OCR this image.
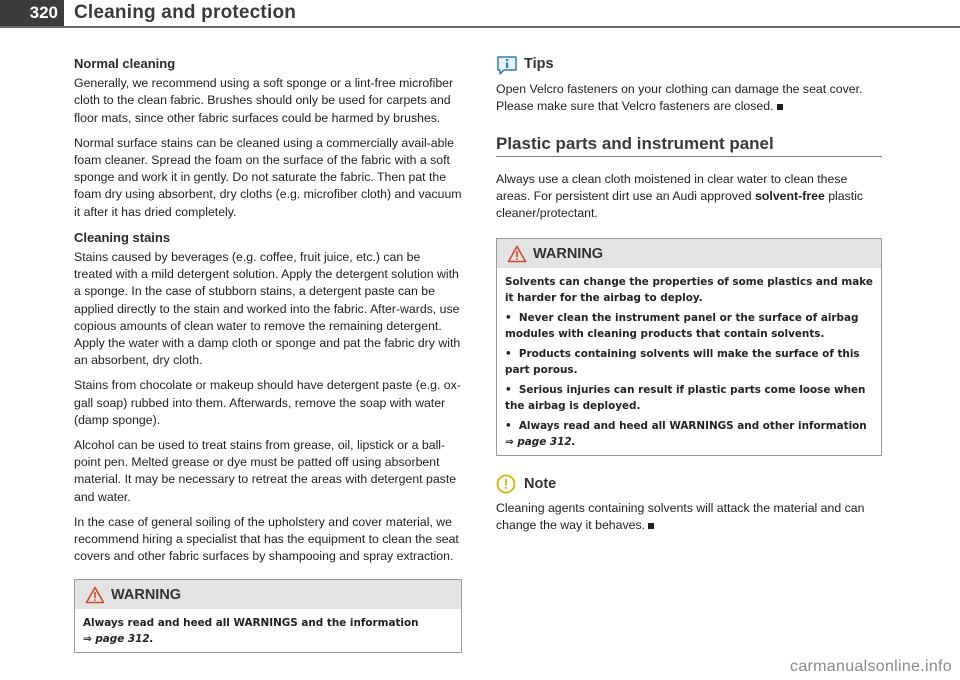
320 Cleaning and protection
Normal cleaning

Generally, we recommend using a soft sponge or a lint-free microfiber cloth to the clean fabric. Brushes should only be used for carpets and floor mats, since other fabric surfaces could be harmed by brushes.

Normal surface stains can be cleaned using a commercially avail-able foam cleaner. Spread the foam on the surface of the fabric with a soft sponge and work it in gently. Do not saturate the fabric. Then pat the foam dry using absorbent, dry cloths (e.g. microfiber cloth) and vacuum it after it has dried completely.

Cleaning stains

Stains caused by beverages (e.g. coffee, fruit juice, etc.) can be treated with a mild detergent solution. Apply the detergent solution with a sponge. In the case of stubborn stains, a detergent paste can be applied directly to the stain and worked into the fabric. After-wards, use copious amounts of clean water to remove the remaining detergent. Apply the water with a damp cloth or sponge and pat the fabric dry with an absorbent, dry cloth.

Stains from chocolate or makeup should have detergent paste (e.g. ox-gall soap) rubbed into them. Afterwards, remove the soap with water (damp sponge).

Alcohol can be used to treat stains from grease, oil, lipstick or a ball-point pen. Melted grease or dye must be patted off using absorbent material. It may be necessary to retreat the areas with detergent paste and water.

In the case of general soiling of the upholstery and cover material, we recommend hiring a specialist that has the equipment to clean the seat covers and other fabric surfaces by shampooing and spray extraction.

WARNING
Always read and heed all WARNINGS and the information
⇒ page 312.
Tips

Open Velcro fasteners on your clothing can damage the seat cover. Please make sure that Velcro fasteners are closed.

Plastic parts and instrument panel

Always use a clean cloth moistened in clear water to clean these areas. For persistent dirt use an Audi approved solvent-free plastic cleaner/protectant.

WARNING
Solvents can change the properties of some plastics and make it harder for the airbag to deploy.
•  Never clean the instrument panel or the surface of airbag modules with cleaning products that contain solvents.
•  Products containing solvents will make the surface of this part porous.
•  Serious injuries can result if plastic parts come loose when the airbag is deployed.
•  Always read and heed all WARNINGS and other information
⇒ page 312.
Note

Cleaning agents containing solvents will attack the material and can change the way it behaves.

carmanualsonline.info
